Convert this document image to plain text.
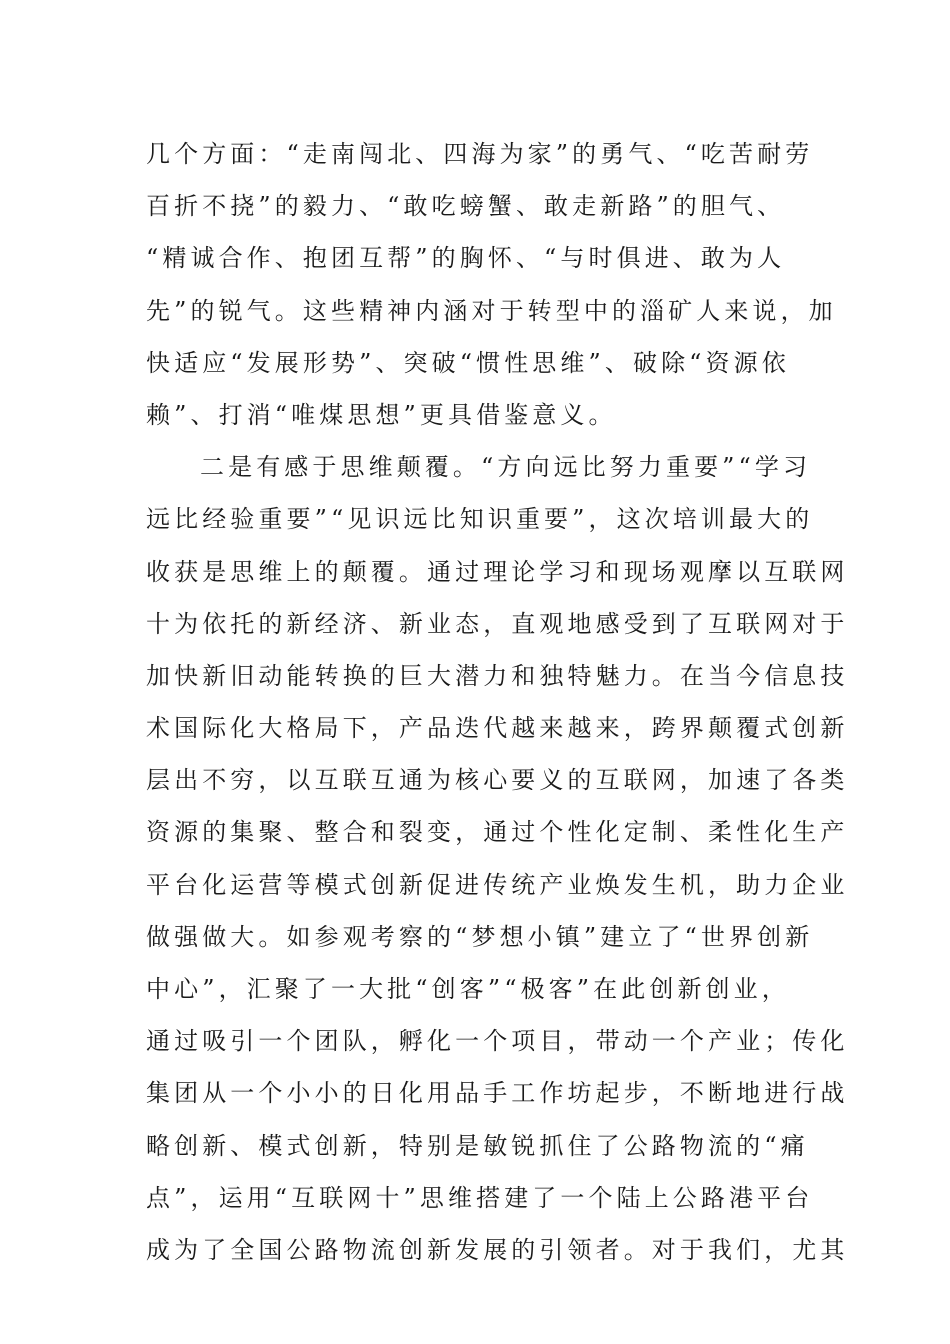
几个方面：“走南闯北、四海为家”的勇气、“吃苦耐劳
百折不挠”的毅力、“敢吃螃蟹、敢走新路”的胆气、
“精诚合作、抱团互帮”的胸怀、“与时俱进、敢为人
先”的锐气。这些精神内涵对于转型中的淄矿人来说，加
快适应“发展形势”、突破“惯性思维”、破除“资源依
赖”、打消“唯煤思想”更具借鉴意义。
二是有感于思维颠覆。“方向远比努力重要”“学习
远比经验重要”“见识远比知识重要”，这次培训最大的
收获是思维上的颠覆。通过理论学习和现场观摩以互联网
十为依托的新经济、新业态，直观地感受到了互联网对于
加快新旧动能转换的巨大潜力和独特魅力。在当今信息技
术国际化大格局下，产品迭代越来越来，跨界颠覆式创新
层出不穷，以互联互通为核心要义的互联网，加速了各类
资源的集聚、整合和裂变，通过个性化定制、柔性化生产
平台化运营等模式创新促进传统产业焕发生机，助力企业
做强做大。如参观考察的“梦想小镇”建立了“世界创新
中心”，汇聚了一大批“创客”“极客”在此创新创业，
通过吸引一个团队，孵化一个项目，带动一个产业；传化
集团从一个小小的日化用品手工作坊起步，不断地进行战
略创新、模式创新，特别是敏锐抓住了公路物流的“痛
点”，运用“互联网十”思维搭建了一个陆上公路港平台
成为了全国公路物流创新发展的引领者。对于我们，尤其
